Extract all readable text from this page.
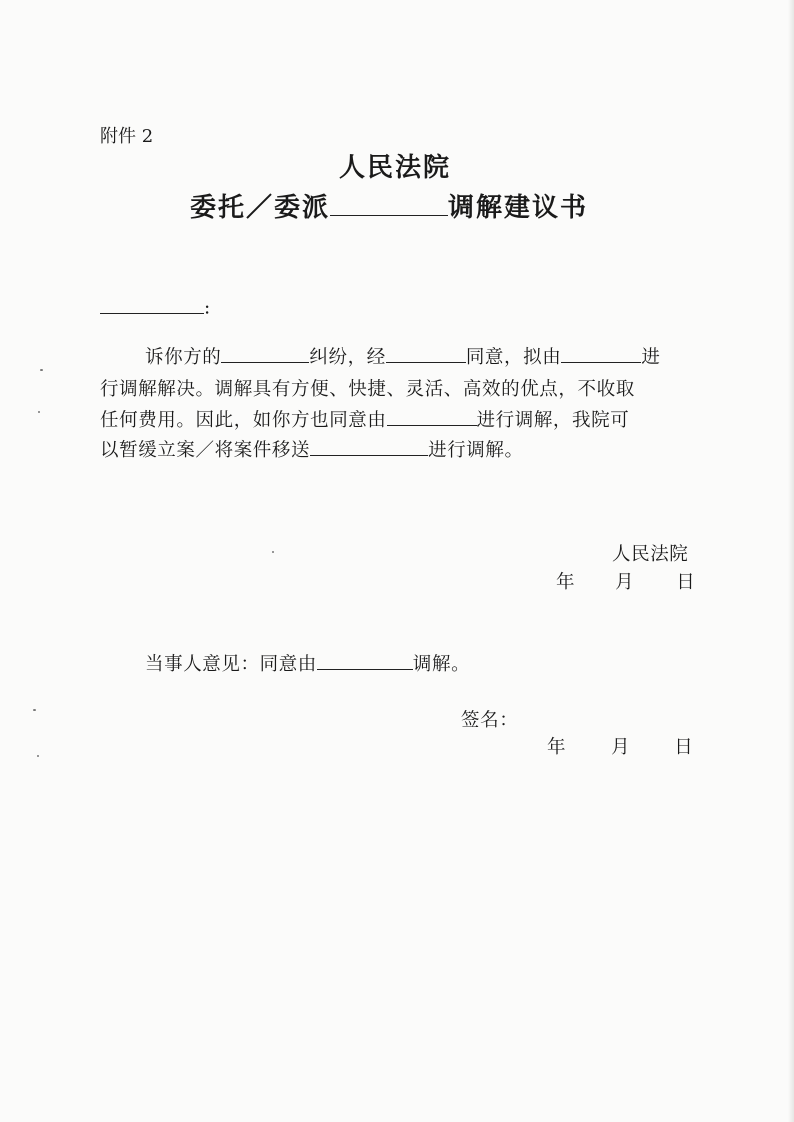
附件 2
人民法院
委托／委派	调解建议书
:
诉你方的	纠纷，经	同意，拟由	进
行调解解决。调解具有方便、快捷、灵活、高效的优点，不收取
任何费用。因此，如你方也同意由	进行调解，我院可
以暂缓立案／将案件移送	进行调解。
人民法院
年 月 日
当事人意见：同意由	调解。
签名：
年 月 日
